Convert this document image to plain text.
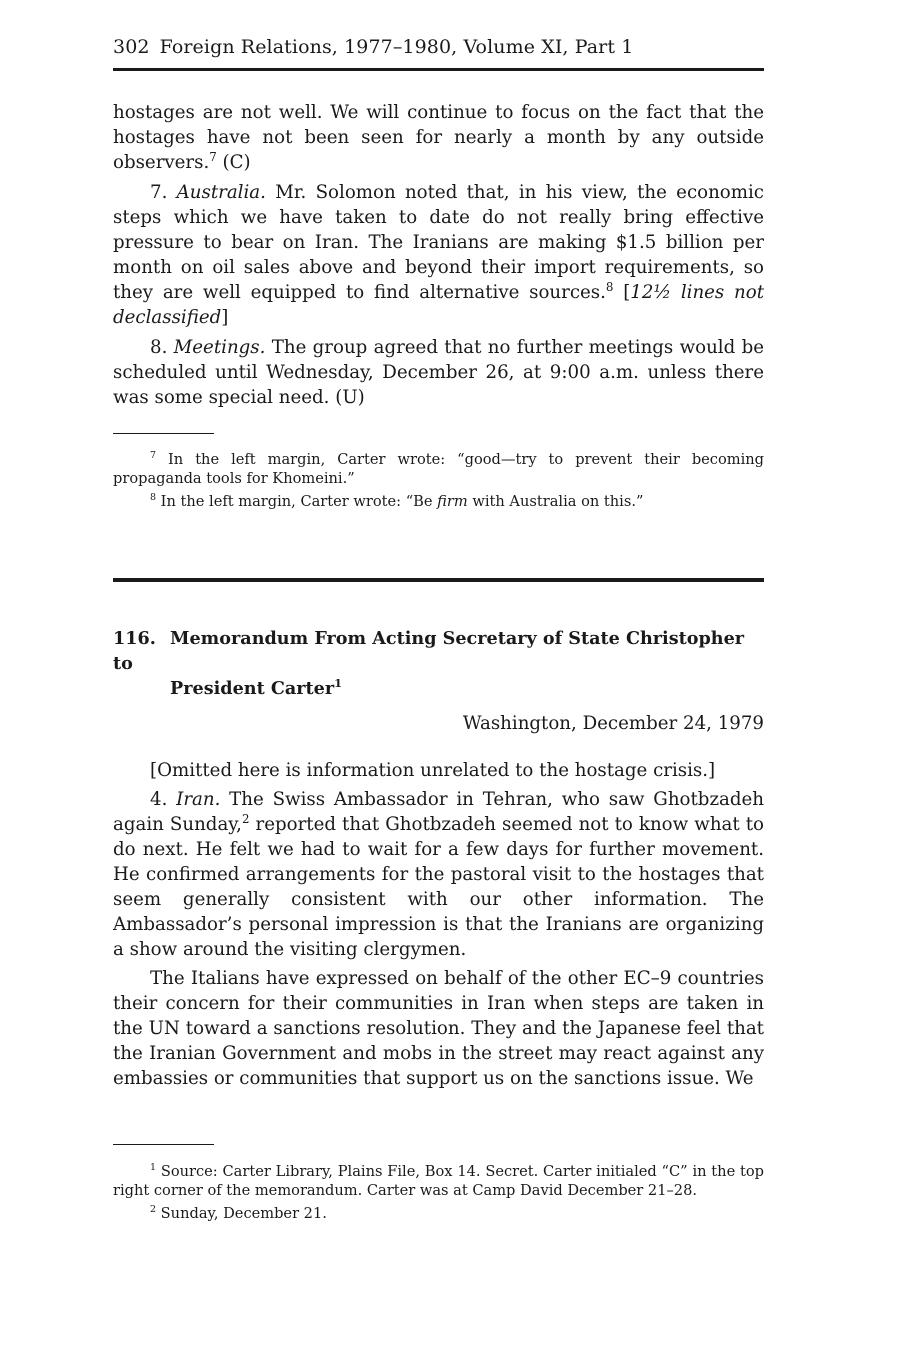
302 Foreign Relations, 1977–1980, Volume XI, Part 1

hostages are not well. We will continue to focus on the fact that the hostages have not been seen for nearly a month by any outside observers.$^7$ (C)

7. Australia. Mr. Solomon noted that, in his view, the economic steps which we have taken to date do not really bring effective pressure to bear on Iran. The Iranians are making $1.5 billion per month on oil sales above and beyond their import requirements, so they are well equipped to find alternative sources.$^8$ [12½ lines not declassified]

8. Meetings. The group agreed that no further meetings would be scheduled until Wednesday, December 26, at 9:00 a.m. unless there was some special need. (U)

$^7$ In the left margin, Carter wrote: “good—try to prevent their becoming propaganda tools for Khomeini.”

$^8$ In the left margin, Carter wrote: “Be firm with Australia on this.”

116. Memorandum From Acting Secretary of State Christopher to
President Carter$^1$
Washington, December 24, 1979

[Omitted here is information unrelated to the hostage crisis.]

4. Iran. The Swiss Ambassador in Tehran, who saw Ghotbzadeh again Sunday,$^2$ reported that Ghotbzadeh seemed not to know what to do next. He felt we had to wait for a few days for further movement. He confirmed arrangements for the pastoral visit to the hostages that seem generally consistent with our other information. The Ambassador’s personal impression is that the Iranians are organizing a show around the visiting clergymen.

The Italians have expressed on behalf of the other EC–9 countries their concern for their communities in Iran when steps are taken in the UN toward a sanctions resolution. They and the Japanese feel that the Iranian Government and mobs in the street may react against any embassies or communities that support us on the sanctions issue. We

$^1$ Source: Carter Library, Plains File, Box 14. Secret. Carter initialed “C” in the top right corner of the memorandum. Carter was at Camp David December 21–28.

$^2$ Sunday, December 21.
